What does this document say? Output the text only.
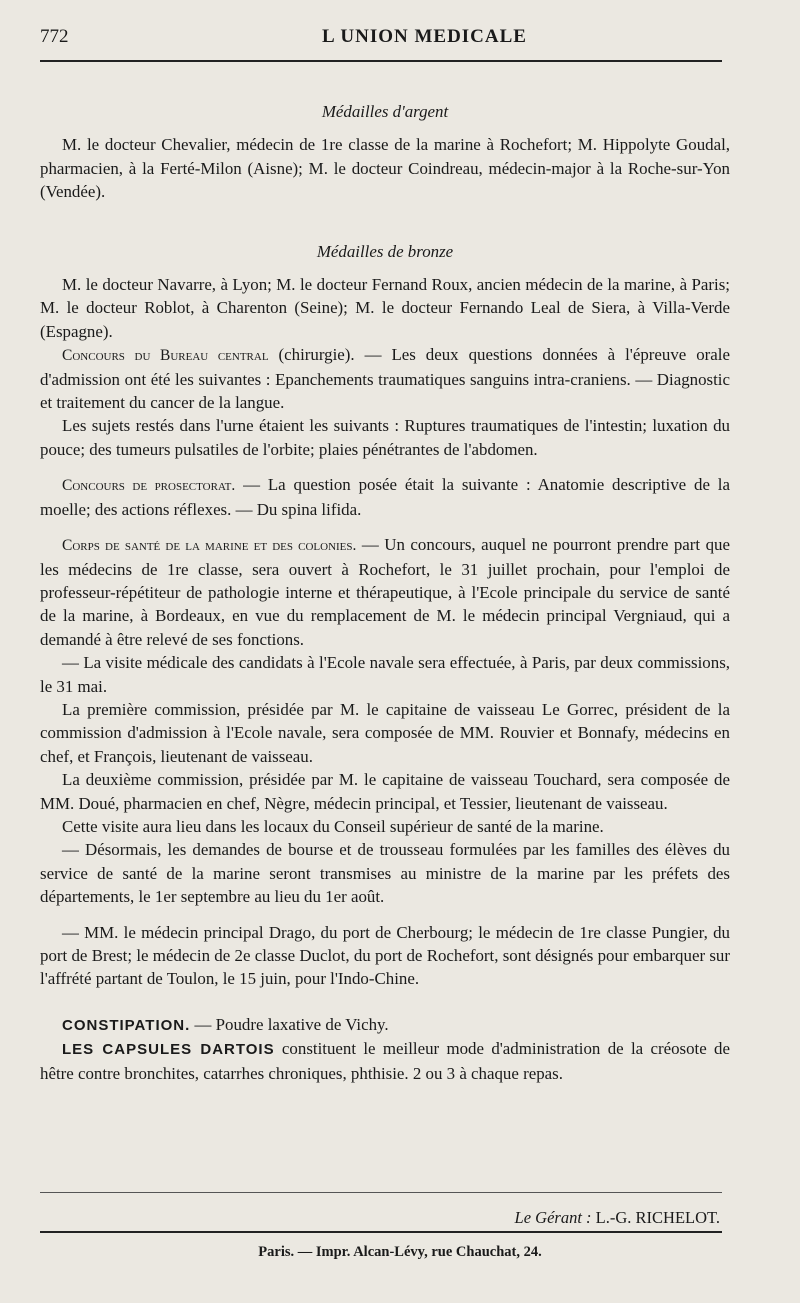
772	L UNION MEDICALE

Médailles d'argent

M. le docteur Chevalier, médecin de 1re classe de la marine à Rochefort; M. Hippolyte Goudal, pharmacien, à la Ferté-Milon (Aisne); M. le docteur Coindreau, médecin-major à la Roche-sur-Yon (Vendée).

Médailles de bronze

M. le docteur Navarre, à Lyon; M. le docteur Fernand Roux, ancien médecin de la marine, à Paris; M. le docteur Roblot, à Charenton (Seine); M. le docteur Fernando Leal de Siera, à Villa-Verde (Espagne).

Concours du Bureau central (chirurgie). — Les deux questions données à l'épreuve orale d'admission ont été les suivantes : Epanchements traumatiques sanguins intra-craniens. — Diagnostic et traitement du cancer de la langue.

Les sujets restés dans l'urne étaient les suivants : Ruptures traumatiques de l'intestin; luxation du pouce; des tumeurs pulsatiles de l'orbite; plaies pénétrantes de l'abdomen.

Concours de prosectorat. — La question posée était la suivante : Anatomie descriptive de la moelle; des actions réflexes. — Du spina lifida.

Corps de santé de la marine et des colonies. — Un concours, auquel ne pourront prendre part que les médecins de 1re classe, sera ouvert à Rochefort, le 31 juillet prochain, pour l'emploi de professeur-répétiteur de pathologie interne et thérapeutique, à l'Ecole principale du service de santé de la marine, à Bordeaux, en vue du remplacement de M. le médecin principal Vergniaud, qui a demandé à être relevé de ses fonctions.

— La visite médicale des candidats à l'Ecole navale sera effectuée, à Paris, par deux commissions, le 31 mai.

La première commission, présidée par M. le capitaine de vaisseau Le Gorrec, président de la commission d'admission à l'Ecole navale, sera composée de MM. Rouvier et Bonnafy, médecins en chef, et François, lieutenant de vaisseau.

La deuxième commission, présidée par M. le capitaine de vaisseau Touchard, sera composée de MM. Doué, pharmacien en chef, Nègre, médecin principal, et Tessier, lieutenant de vaisseau.

Cette visite aura lieu dans les locaux du Conseil supérieur de santé de la marine.

— Désormais, les demandes de bourse et de trousseau formulées par les familles des élèves du service de santé de la marine seront transmises au ministre de la marine par les préfets des départements, le 1er septembre au lieu du 1er août.

— MM. le médecin principal Drago, du port de Cherbourg; le médecin de 1re classe Pungier, du port de Brest; le médecin de 2e classe Duclot, du port de Rochefort, sont désignés pour embarquer sur l'affrété partant de Toulon, le 15 juin, pour l'Indo-Chine.

CONSTIPATION. — Poudre laxative de Vichy.

LES CAPSULES DARTOIS constituent le meilleur mode d'administration de la créosote de hêtre contre bronchites, catarrhes chroniques, phthisie. 2 ou 3 à chaque repas.

Le Gérant : L.-G. RICHELOT.
Paris. — Impr. Alcan-Lévy, rue Chauchat, 24.
